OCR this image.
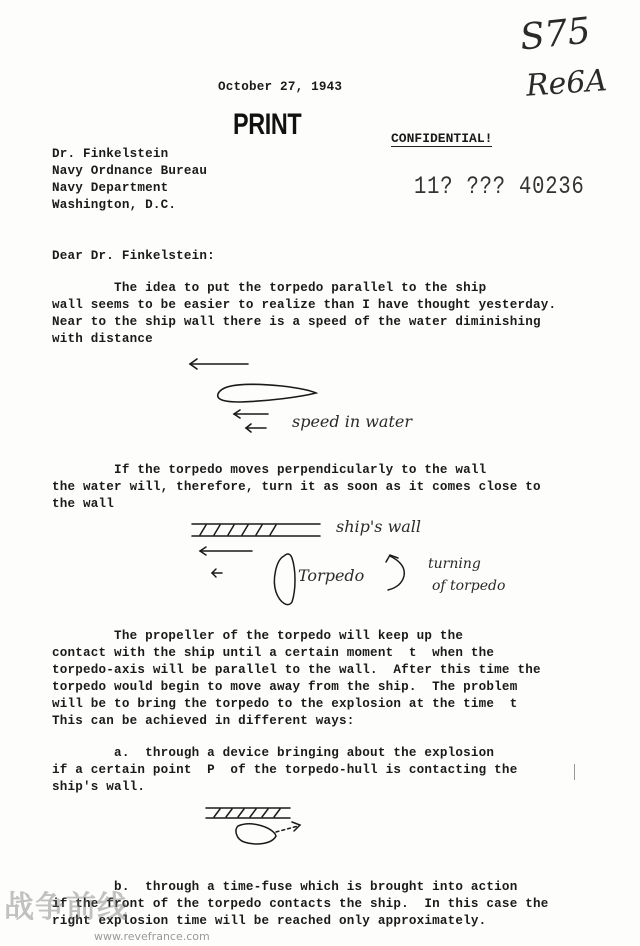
S75
Re6A
October 27, 1943
PRINT	CONFIDENTIAL!
11? ??? 40236
Dr. Finkelstein
Navy Ordnance Bureau
Navy Department
Washington, D.C.
Dear Dr. Finkelstein:
The idea to put the torpedo parallel to the ship
wall seems to be easier to realize than I have thought yesterday.
Near to the ship wall there is a speed of the water diminishing
with distance
speed in water
If the torpedo moves perpendicularly to the wall
the water will, therefore, turn it as soon as it comes close to
the wall
ship's wall
Torpedo
turning
of torpedo
The propeller of the torpedo will keep up the
contact with the ship until a certain moment  t  when the
torpedo-axis will be parallel to the wall.  After this time the
torpedo would begin to move away from the ship.  The problem
will be to bring the torpedo to the explosion at the time  t
This can be achieved in different ways:
a.  through a device bringing about the explosion
if a certain point  P  of the torpedo-hull is contacting the
ship's wall.
b.  through a time-fuse which is brought into action
if the front of the torpedo contacts the ship.  In this case the
right explosion time will be reached only approximately.
战争前线
www.revefrance.com
